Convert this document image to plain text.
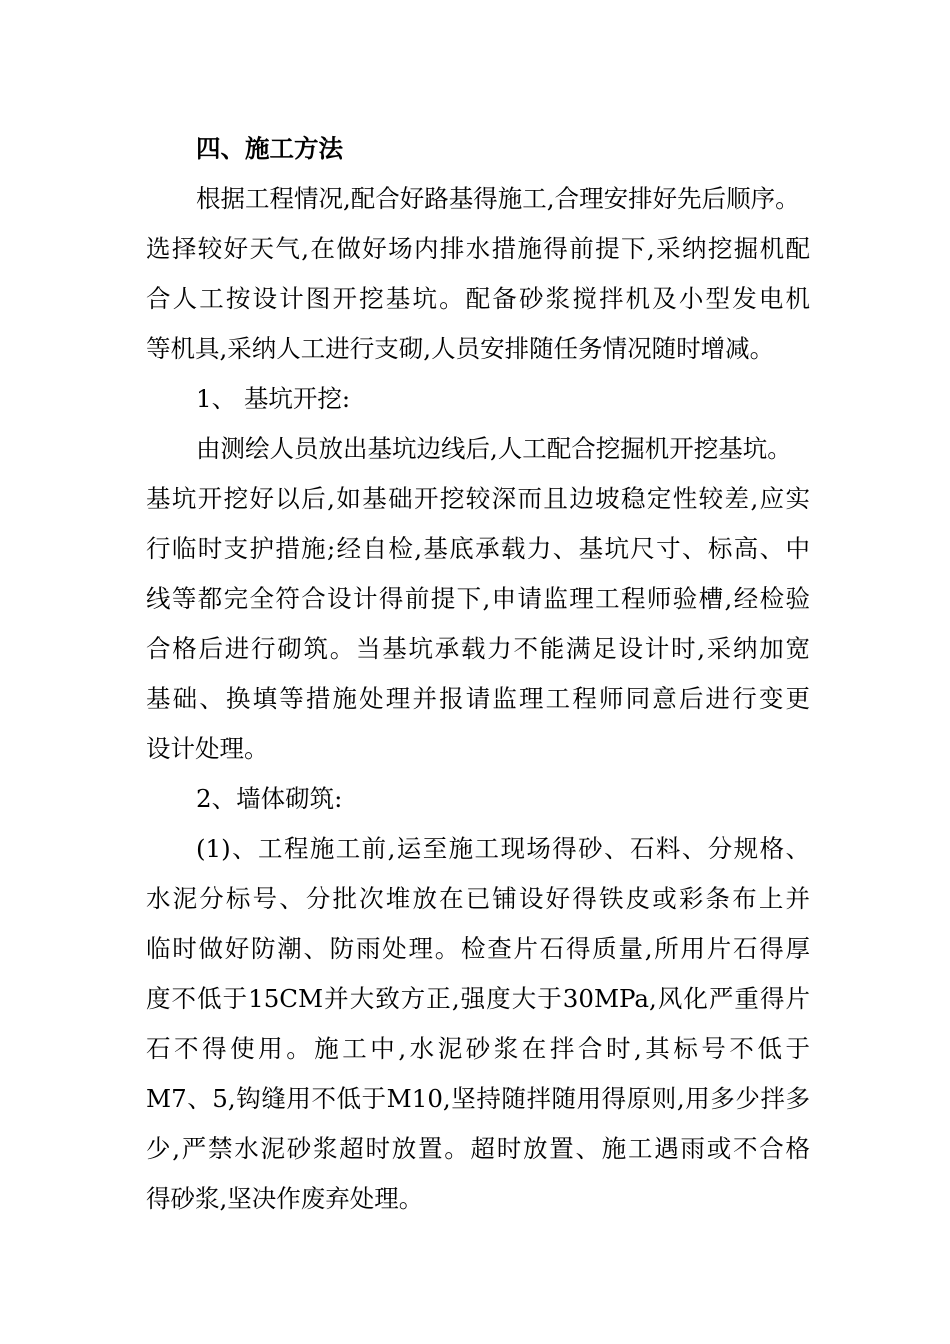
四、施工方法
根据工程情况,配合好路基得施工,合理安排好先后顺序。
选择较好天气,在做好场内排水措施得前提下,采纳挖掘机配
合人工按设计图开挖基坑。配备砂浆搅拌机及小型发电机
等机具,采纳人工进行支砌,人员安排随任务情况随时增减。
1、 基坑开挖:
由测绘人员放出基坑边线后,人工配合挖掘机开挖基坑。
基坑开挖好以后,如基础开挖较深而且边坡稳定性较差,应实
行临时支护措施;经自检,基底承载力、基坑尺寸、标高、中
线等都完全符合设计得前提下,申请监理工程师验槽,经检验
合格后进行砌筑。当基坑承载力不能满足设计时,采纳加宽
基础、换填等措施处理并报请监理工程师同意后进行变更
设计处理。
2、墙体砌筑:
(1)、工程施工前,运至施工现场得砂、石料、分规格、
水泥分标号、分批次堆放在已铺设好得铁皮或彩条布上并
临时做好防潮、防雨处理。检查片石得质量,所用片石得厚
度不低于15CM并大致方正,强度大于30MPa,风化严重得片
石不得使用。施工中,水泥砂浆在拌合时,其标号不低于
M7、5,钩缝用不低于M10,坚持随拌随用得原则,用多少拌多
少,严禁水泥砂浆超时放置。超时放置、施工遇雨或不合格
得砂浆,坚决作废弃处理。
